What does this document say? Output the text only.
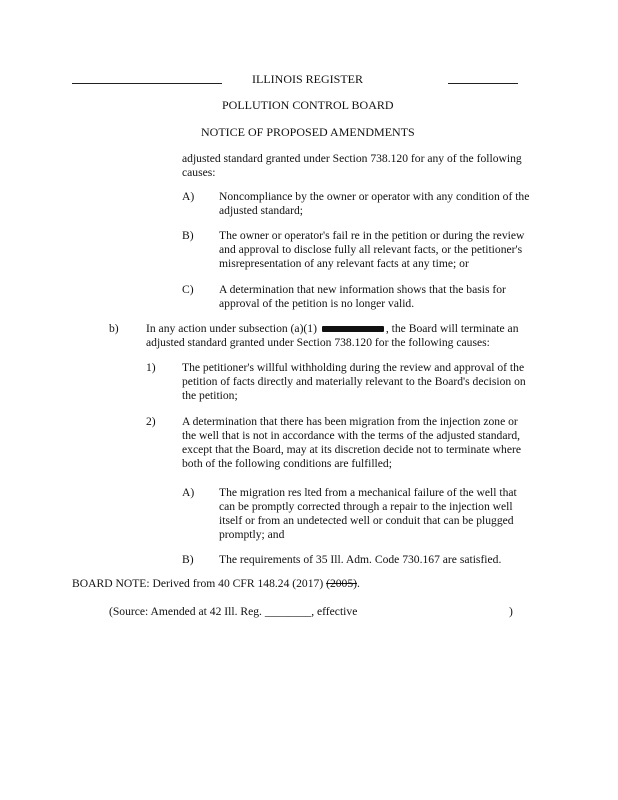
ILLINOIS REGISTER
POLLUTION CONTROL BOARD
NOTICE OF PROPOSED AMENDMENTS
adjusted standard granted under Section 738.120 for any of the following
causes:
A) Noncompliance by the owner or operator with any condition of the
adjusted standard;
B) The owner or operator's fail re in the petition or during the review
and approval to disclose fully all relevant facts, or the petitioner's
misrepresentation of any relevant facts at any time; or
C) A determination that new information shows that the basis for
approval of the petition is no longer valid.
b) In any action under subsection (a)(1)	, the Board will terminate an
adjusted standard granted under Section 738.120 for the following causes:
1) The petitioner's willful withholding during the review and approval of the
petition of facts directly and materially relevant to the Board's decision on
the petition;
2) A determination that there has been migration from the injection zone or
the well that is not in accordance with the terms of the adjusted standard,
except that the Board, may at its discretion decide not to terminate where
both of the following conditions are fulfilled;
A) The migration res lted from a mechanical failure of the well that
can be promptly corrected through a repair to the injection well
itself or from an undetected well or conduit that can be plugged
promptly; and
B) The requirements of 35 Ill. Adm. Code 730.167 are satisfied.
BOARD NOTE: Derived from 40 CFR 148.24 (2017) (2005).
(Source: Amended at 42 Ill. Reg. ________, effective	)
